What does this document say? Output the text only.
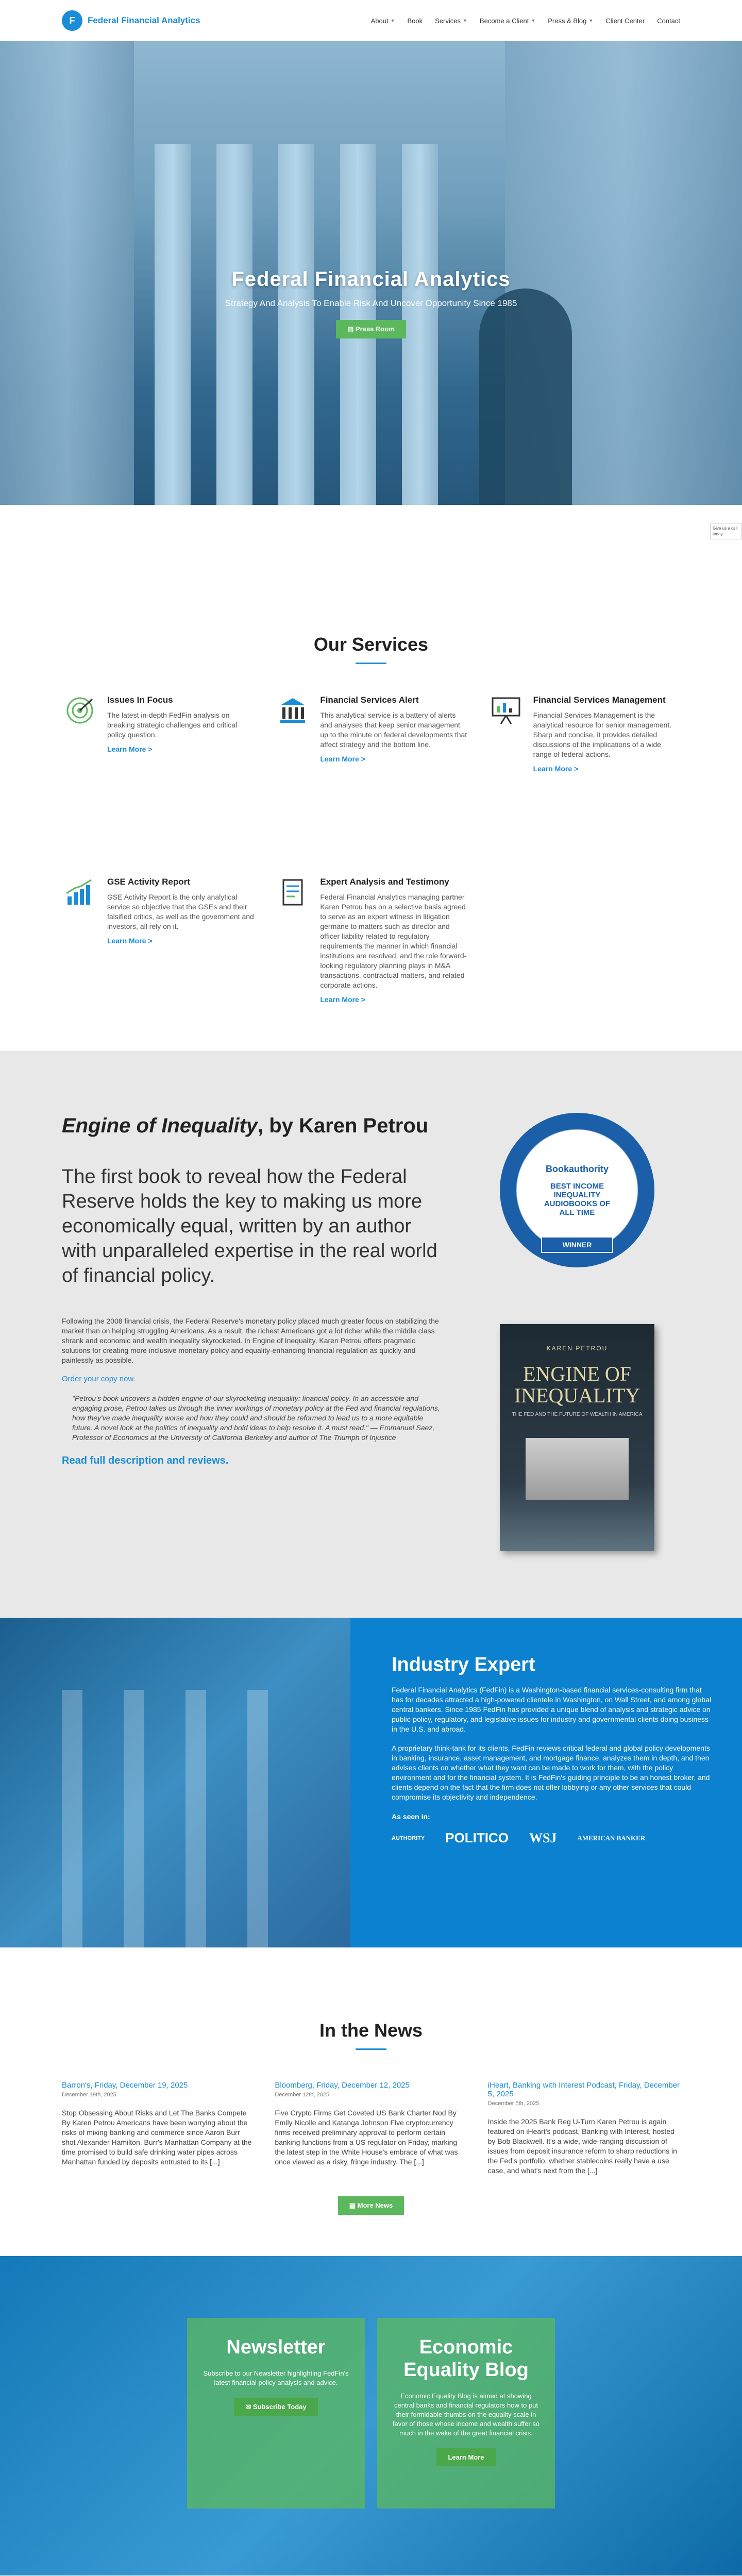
F	Federal Financial Analytics	About ▼ Book Services ▼ Become a Client ▼ Press & Blog ▼ Client Center Contact
Federal Financial Analytics
Strategy And Analysis To Enable Risk And Uncover Opportunity Since 1985
▤ Press Room
Give us a call today.
Our Services
Issues In Focus

The latest in-depth FedFin analysis on breaking strategic challenges and critical policy question.

Learn More >
Financial Services Alert

This analytical service is a battery of alerts and analyses that keep senior management up to the minute on federal developments that affect strategy and the bottom line.

Learn More >
Financial Services Management

Financial Services Management is the analytical resource for senior management. Sharp and concise, it provides detailed discussions of the implications of a wide range of federal actions.

Learn More >
GSE Activity Report

GSE Activity Report is the only analytical service so objective that the GSEs and their falsified critics, as well as the government and investors, all rely on it.

Learn More >
Expert Analysis and Testimony

Federal Financial Analytics managing partner Karen Petrou has on a selective basis agreed to serve as an expert witness in litigation germane to matters such as director and officer liability related to regulatory requirements the manner in which financial institutions are resolved, and the role forward-looking regulatory planning plays in M&A transactions, contractual matters, and related corporate actions.

Learn More >
Engine of Inequality, by Karen Petrou

The first book to reveal how the Federal Reserve holds the key to making us more economically equal, written by an author with unparalleled expertise in the real world of financial policy.

Following the 2008 financial crisis, the Federal Reserve's monetary policy placed much greater focus on stabilizing the market than on helping struggling Americans. As a result, the richest Americans got a lot richer while the middle class shrank and economic and wealth inequality skyrocketed. In Engine of Inequality, Karen Petrou offers pragmatic solutions for creating more inclusive monetary policy and equality-enhancing financial regulation as quickly and painlessly as possible.

Order your copy now.

"Petrou's book uncovers a hidden engine of our skyrocketing inequality: financial policy. In an accessible and engaging prose, Petrou takes us through the inner workings of monetary policy at the Fed and financial regulations, how they've made inequality worse and how they could and should be reformed to lead us to a more equitable future. A novel look at the politics of inequality and bold ideas to help resolve it. A must read." — Emmanuel Saez, Professor of Economics at the University of California Berkeley and author of The Triumph of Injustice

Read full description and reviews.
Bookauthority
BEST INCOME INEQUALITY AUDIOBOOKS OF ALL TIME
WINNER
KAREN PETROU
ENGINE OF INEQUALITY
THE FED AND THE FUTURE OF WEALTH IN AMERICA
Industry Expert

Federal Financial Analytics (FedFin) is a Washington-based financial services-consulting firm that has for decades attracted a high-powered clientele in Washington, on Wall Street, and among global central bankers. Since 1985 FedFin has provided a unique blend of analysis and strategic advice on public-policy, regulatory, and legislative issues for industry and governmental clients doing business in the U.S. and abroad.

A proprietary think-tank for its clients, FedFin reviews critical federal and global policy developments in banking, insurance, asset management, and mortgage finance, analyzes them in depth, and then advises clients on whether what they want can be made to work for them, with the policy environment and for the financial system. It is FedFin's guiding principle to be an honest broker, and clients depend on the fact that the firm does not offer lobbying or any other services that could compromise its objectivity and independence.

As seen in:
AUTHORITY POLITICO WSJ	AMERICAN BANKER
In the News
Barron's, Friday, December 19, 2025
December 19th, 2025

Stop Obsessing About Risks and Let The Banks Compete By Karen Petrou Americans have been worrying about the risks of mixing banking and commerce since Aaron Burr shot Alexander Hamilton. Burr's Manhattan Company at the time promised to build safe drinking water pipes across Manhattan funded by deposits entrusted to its [...]

Bloomberg, Friday, December 12, 2025
December 12th, 2025

Five Crypto Firms Get Coveted US Bank Charter Nod By Emily Nicolle and Katanga Johnson Five cryptocurrency firms received preliminary approval to perform certain banking functions from a US regulator on Friday, marking the latest step in the White House's embrace of what was once viewed as a risky, fringe industry. The [...]

iHeart, Banking with Interest Podcast, Friday, December 5, 2025
December 5th, 2025

Inside the 2025 Bank Reg U-Turn Karen Petrou is again featured on iHeart's podcast, Banking with Interest, hosted by Bob Blackwell. It's a wide, wide-ranging discussion of issues from deposit insurance reform to sharp reductions in the Fed's portfolio, whether stablecoins really have a use case, and what's next from the [...]

▤ More News
Newsletter

Subscribe to our Newsletter highlighting FedFin's latest financial policy analysis and advice.

✉ Subscribe Today
Economic Equality Blog

Economic Equality Blog is aimed at showing central banks and financial regulators how to put their formidable thumbs on the equality scale in favor of those whose income and wealth suffer so much in the wake of the great financial crisis.

Learn More
